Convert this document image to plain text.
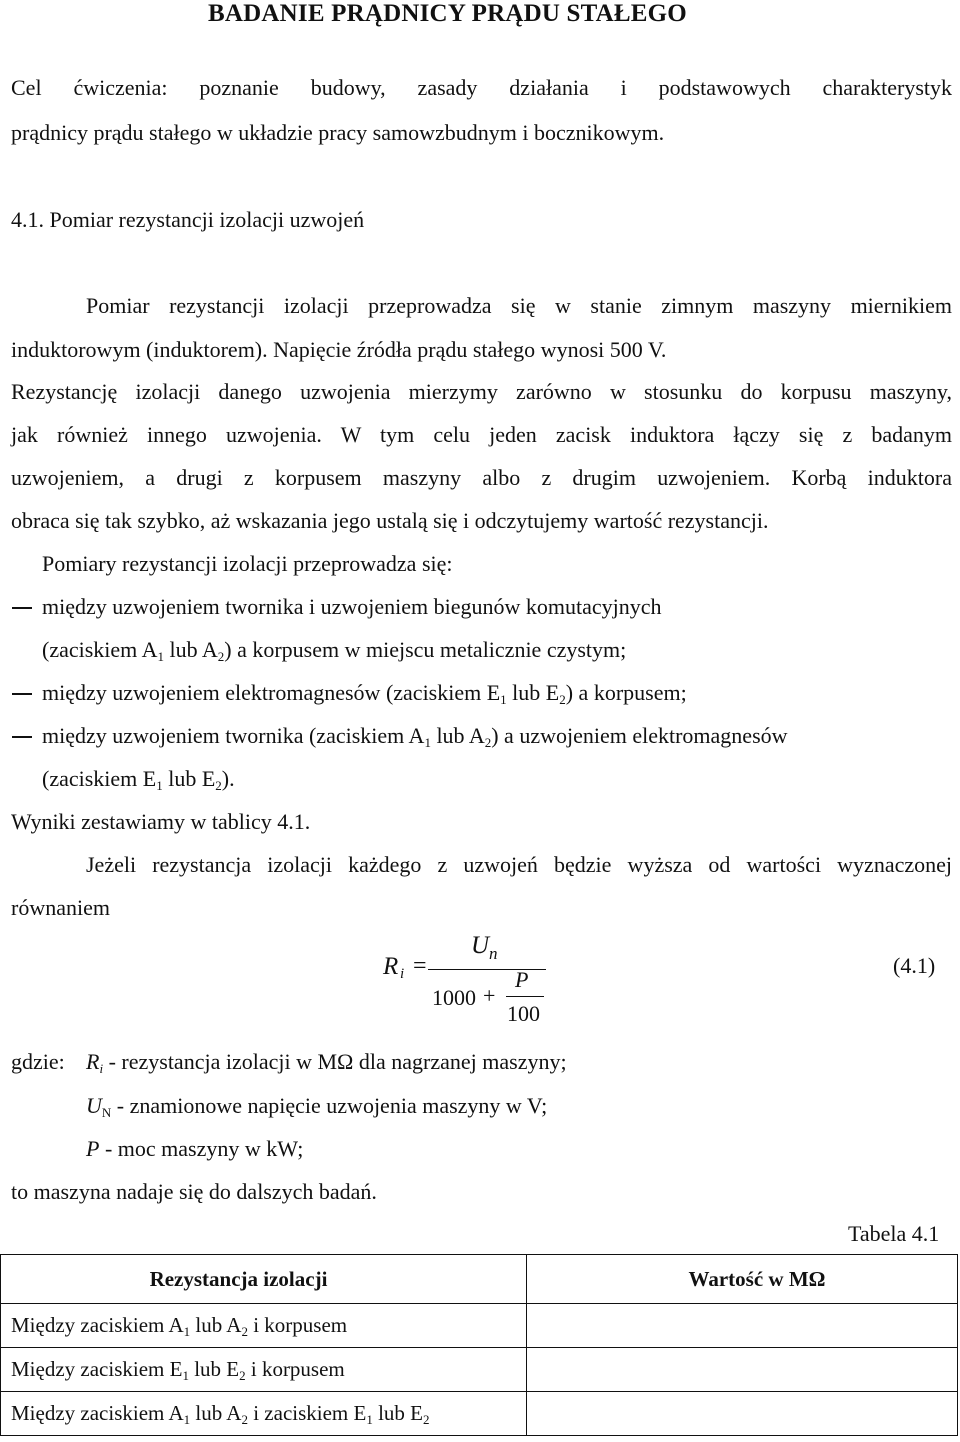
BADANIE PRĄDNICY PRĄDU STAŁEGO
Cel ćwiczenia: poznanie budowy, zasady działania i podstawowych charakterystyk
prądnicy prądu stałego w układzie pracy samowzbudnym i bocznikowym.
4.1. Pomiar rezystancji izolacji uzwojeń
Pomiar rezystancji izolacji przeprowadza się w stanie zimnym maszyny miernikiem
induktorowym (induktorem). Napięcie źródła prądu stałego wynosi 500 V.
Rezystancję izolacji danego uzwojenia mierzymy zarówno w stosunku do korpusu maszyny,
jak również innego uzwojenia. W tym celu jeden zacisk induktora łączy się z badanym
uzwojeniem, a drugi z korpusem maszyny albo z drugim uzwojeniem. Korbą induktora
obraca się tak szybko, aż wskazania jego ustalą się i odczytujemy wartość rezystancji.
Pomiary rezystancji izolacji przeprowadza się:
między uzwojeniem twornika i uzwojeniem biegunów komutacyjnych
(zaciskiem $A_1$ lub $A_2$) a korpusem w miejscu metalicznie czystym;
między uzwojeniem elektromagnesów (zaciskiem $E_1$ lub $E_2$) a korpusem;
między uzwojeniem twornika (zaciskiem $A_1$ lub $A_2$) a uzwojeniem elektromagnesów
(zaciskiem $E_1$ lub $E_2$).
Wyniki zestawiamy w tablicy 4.1.
Jeżeli rezystancja izolacji każdego z uzwojeń będzie wyższa od wartości wyznaczonej
równaniem
R i =
U n
1000 +
P
100
(4.1)
gdzie: $R_i$ - rezystancja izolacji w MΩ dla nagrzanej maszyny;
$U_N$ - znamionowe napięcie uzwojenia maszyny w V;
P - moc maszyny w kW;
to maszyna nadaje się do dalszych badań.
Tabela 4.1
Rezystancja izolacji	Wartość w MΩ
Między zaciskiem $A_1$ lub $A_2$ i korpusem	
Między zaciskiem $E_1$ lub $E_2$ i korpusem	
Między zaciskiem $A_1$ lub $A_2$ i zaciskiem $E_1$ lub $E_2$	
